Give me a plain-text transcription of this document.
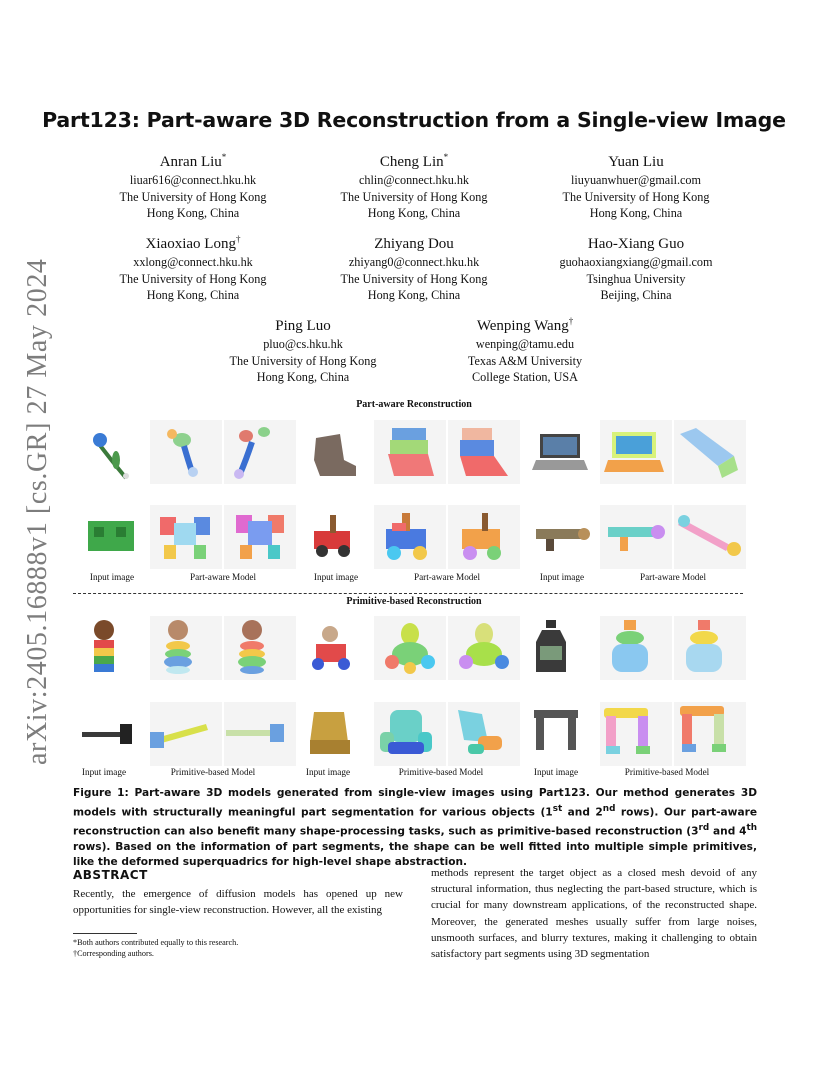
arXiv:2405.16888v1 [cs.GR] 27 May 2024
Part123: Part-aware 3D Reconstruction from a Single-view Image
Anran Liu*
liuar616@connect.hku.hk
The University of Hong Kong
Hong Kong, China
Cheng Lin*
chlin@connect.hku.hk
The University of Hong Kong
Hong Kong, China
Yuan Liu
liuyuanwhuer@gmail.com
The University of Hong Kong
Hong Kong, China
Xiaoxiao Long†
xxlong@connect.hku.hk
The University of Hong Kong
Hong Kong, China
Zhiyang Dou
zhiyang0@connect.hku.hk
The University of Hong Kong
Hong Kong, China
Hao-Xiang Guo
guohaoxiangxiang@gmail.com
Tsinghua University
Beijing, China
Ping Luo
pluo@cs.hku.hk
The University of Hong Kong
Hong Kong, China
Wenping Wang†
wenping@tamu.edu
Texas A&M University
College Station, USA
Part-aware Reconstruction
Input image	Part-aware Model	Input image	Part-aware Model	Input image	Part-aware Model
Primitive-based Reconstruction
Input image	Primitive-based Model	Input image	Primitive-based Model	Input image	Primitive-based Model
Figure 1: Part-aware 3D models generated from single-view images using Part123. Our method generates 3D models with structurally meaningful part segmentation for various objects (1st and 2nd rows). Our part-aware reconstruction can also benefit many shape-processing tasks, such as primitive-based reconstruction (3rd and 4th rows). Based on the information of part segments, the shape can be well fitted into multiple simple primitives, like the deformed superquadrics for high-level shape abstraction.
ABSTRACT
Recently, the emergence of diffusion models has opened up new opportunities for single-view reconstruction. However, all the existing
methods represent the target object as a closed mesh devoid of any structural information, thus neglecting the part-based structure, which is crucial for many downstream applications, of the reconstructed shape. Moreover, the generated meshes usually suffer from large noises, unsmooth surfaces, and blurry textures, making it challenging to obtain satisfactory part segments using 3D segmentation
*Both authors contributed equally to this research.
†Corresponding authors.
